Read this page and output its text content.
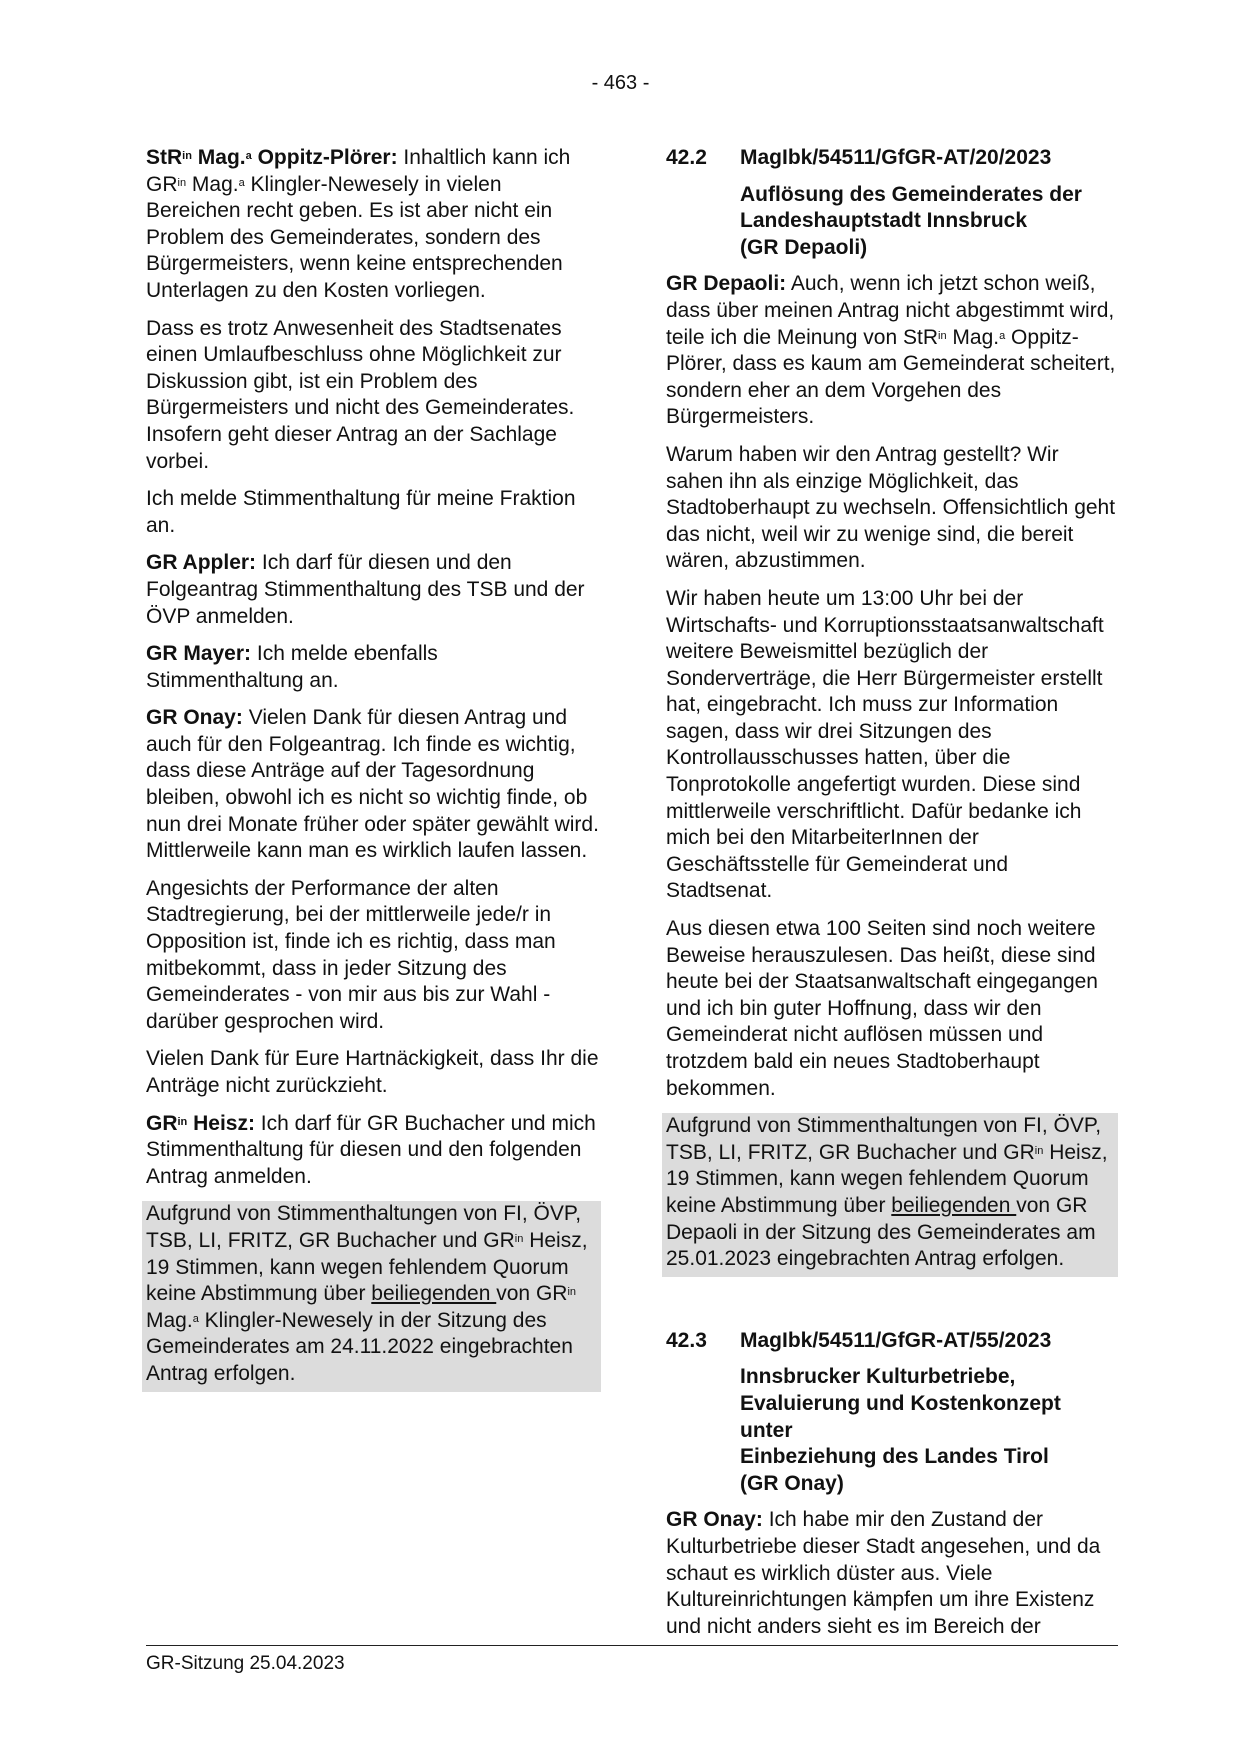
- 463 -

StR$^{in}$ Mag.$^a$ Oppitz-Plörer: Inhaltlich kann ich $GR^{in}$ Mag.$^a$ Klingler-Newesely in vielen Bereichen recht geben. Es ist aber nicht ein Problem des Gemeinderates, sondern des Bürgermeisters, wenn keine entsprechenden Unterlagen zu den Kosten vorliegen.

Dass es trotz Anwesenheit des Stadtsenates einen Umlaufbeschluss ohne Möglichkeit zur Diskussion gibt, ist ein Problem des Bürgermeisters und nicht des Gemeinderates. Insofern geht dieser Antrag an der Sachlage vorbei.

Ich melde Stimmenthaltung für meine Fraktion an.

GR Appler: Ich darf für diesen und den Folgeantrag Stimmenthaltung des TSB und der ÖVP anmelden.

GR Mayer: Ich melde ebenfalls Stimmenthaltung an.

GR Onay: Vielen Dank für diesen Antrag und auch für den Folgeantrag. Ich finde es wichtig, dass diese Anträge auf der Tagesordnung bleiben, obwohl ich es nicht so wichtig finde, ob nun drei Monate früher oder später gewählt wird. Mittlerweile kann man es wirklich laufen lassen.

Angesichts der Performance der alten Stadtregierung, bei der mittlerweile jede/r in Opposition ist, finde ich es richtig, dass man mitbekommt, dass in jeder Sitzung des Gemeinderates - von mir aus bis zur Wahl - darüber gesprochen wird.

Vielen Dank für Eure Hartnäckigkeit, dass Ihr die Anträge nicht zurückzieht.

$GR^{in}$ Heisz: Ich darf für GR Buchacher und mich Stimmenthaltung für diesen und den folgenden Antrag anmelden.

Aufgrund von Stimmenthaltungen von FI, ÖVP, TSB, LI, FRITZ, GR Buchacher und $GR^{in}$ Heisz, 19 Stimmen, kann wegen fehlendem Quorum keine Abstimmung über beiliegenden von $GR^{in}$ Mag.$^a$ Klingler-Newesely in der Sitzung des Gemeinderates am 24.11.2022 eingebrachten Antrag erfolgen.

42.2 MagIbk/54511/GfGR-AT/20/2023
Auflösung des Gemeinderates der
Landeshauptstadt Innsbruck
(GR Depaoli)

GR Depaoli: Auch, wenn ich jetzt schon weiß, dass über meinen Antrag nicht abgestimmt wird, teile ich die Meinung von StR$^{in}$ Mag.$^a$ Oppitz-Plörer, dass es kaum am Gemeinderat scheitert, sondern eher an dem Vorgehen des Bürgermeisters.

Warum haben wir den Antrag gestellt? Wir sahen ihn als einzige Möglichkeit, das Stadtoberhaupt zu wechseln. Offensichtlich geht das nicht, weil wir zu wenige sind, die bereit wären, abzustimmen.

Wir haben heute um 13:00 Uhr bei der Wirtschafts- und Korruptionsstaatsanwaltschaft weitere Beweismittel bezüglich der Sonderverträge, die Herr Bürgermeister erstellt hat, eingebracht. Ich muss zur Information sagen, dass wir drei Sitzungen des Kontrollausschusses hatten, über die Tonprotokolle angefertigt wurden. Diese sind mittlerweile verschriftlicht. Dafür bedanke ich mich bei den MitarbeiterInnen der Geschäftsstelle für Gemeinderat und Stadtsenat.

Aus diesen etwa 100 Seiten sind noch weitere Beweise herauszulesen. Das heißt, diese sind heute bei der Staatsanwaltschaft eingegangen und ich bin guter Hoffnung, dass wir den Gemeinderat nicht auflösen müssen und trotzdem bald ein neues Stadtoberhaupt bekommen.

Aufgrund von Stimmenthaltungen von FI, ÖVP, TSB, LI, FRITZ, GR Buchacher und $GR^{in}$ Heisz, 19 Stimmen, kann wegen fehlendem Quorum keine Abstimmung über beiliegenden von GR Depaoli in der Sitzung des Gemeinderates am 25.01.2023 eingebrachten Antrag erfolgen.

42.3 MagIbk/54511/GfGR-AT/55/2023
Innsbrucker Kulturbetriebe, Evaluierung und Kostenkonzept unter
Einbeziehung des Landes Tirol
(GR Onay)

GR Onay: Ich habe mir den Zustand der Kulturbetriebe dieser Stadt angesehen, und da schaut es wirklich düster aus. Viele Kultureinrichtungen kämpfen um ihre Existenz und nicht anders sieht es im Bereich der

GR-Sitzung 25.04.2023
